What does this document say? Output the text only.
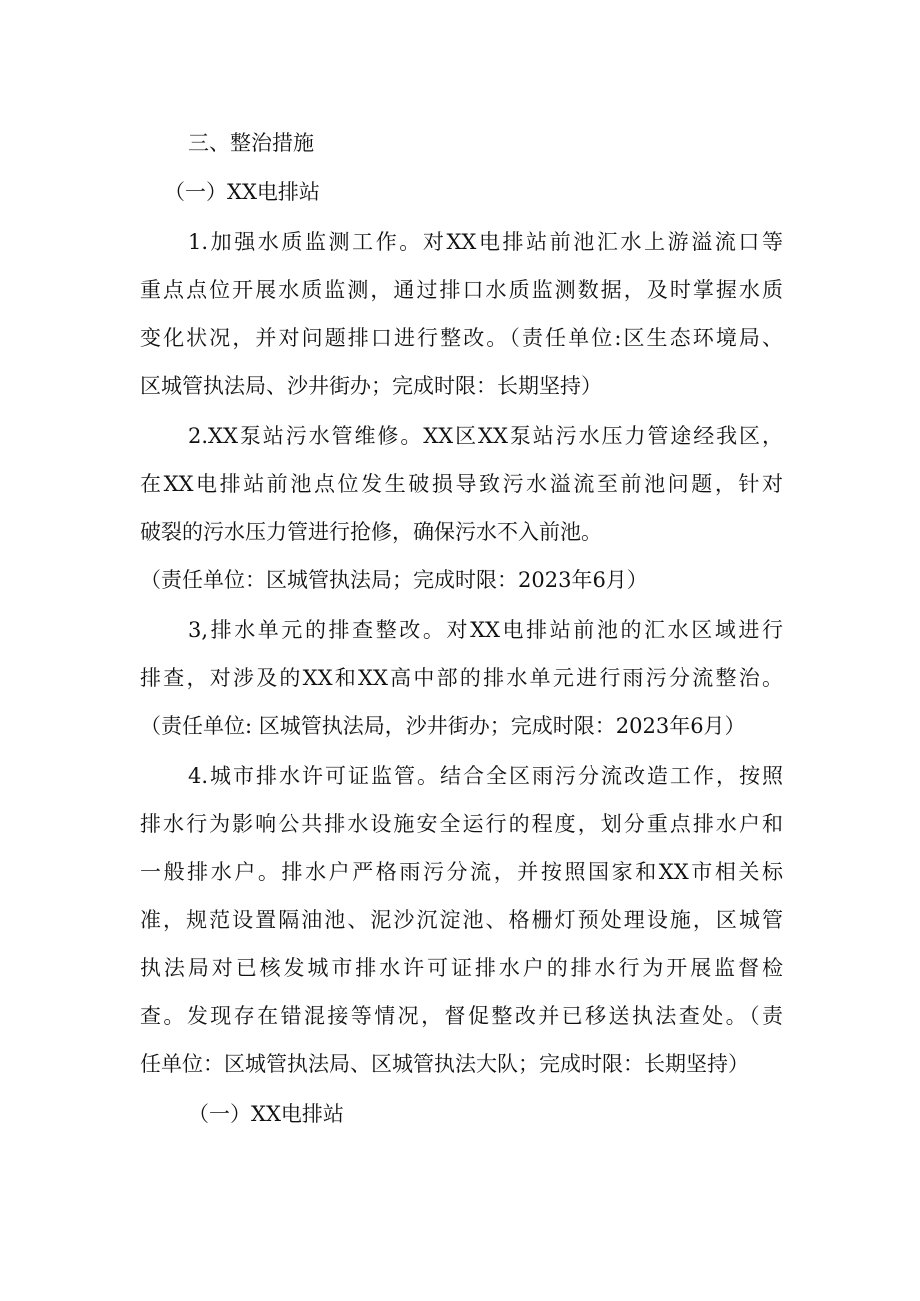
三、整治措施
（一）XX电排站
1.加强水质监测工作。对XX电排站前池汇水上游溢流口等
重点点位开展水质监测，通过排口水质监测数据，及时掌握水质
变化状况，并对问题排口进行整改。（责任单位:区生态环境局、
区城管执法局、沙井街办；完成时限：长期坚持）
2.XX泵站污水管维修。XX区XX泵站污水压力管途经我区，
在XX电排站前池点位发生破损导致污水溢流至前池问题，针对
破裂的污水压力管进行抢修，确保污水不入前池。
（责任单位：区城管执法局；完成时限：2023年6月）
3,排水单元的排查整改。对XX电排站前池的汇水区域进行
排查，对涉及的XX和XX高中部的排水单元进行雨污分流整治。
（责任单位: 区城管执法局，沙井街办；完成时限：2023年6月）
4.城市排水许可证监管。结合全区雨污分流改造工作，按照
排水行为影响公共排水设施安全运行的程度，划分重点排水户和
一般排水户。排水户严格雨污分流，并按照国家和XX市相关标
准，规范设置隔油池、泥沙沉淀池、格栅灯预处理设施，区城管
执法局对已核发城市排水许可证排水户的排水行为开展监督检
查。发现存在错混接等情况，督促整改并已移送执法查处。（责
任单位：区城管执法局、区城管执法大队；完成时限：长期坚持）
（一）XX电排站
